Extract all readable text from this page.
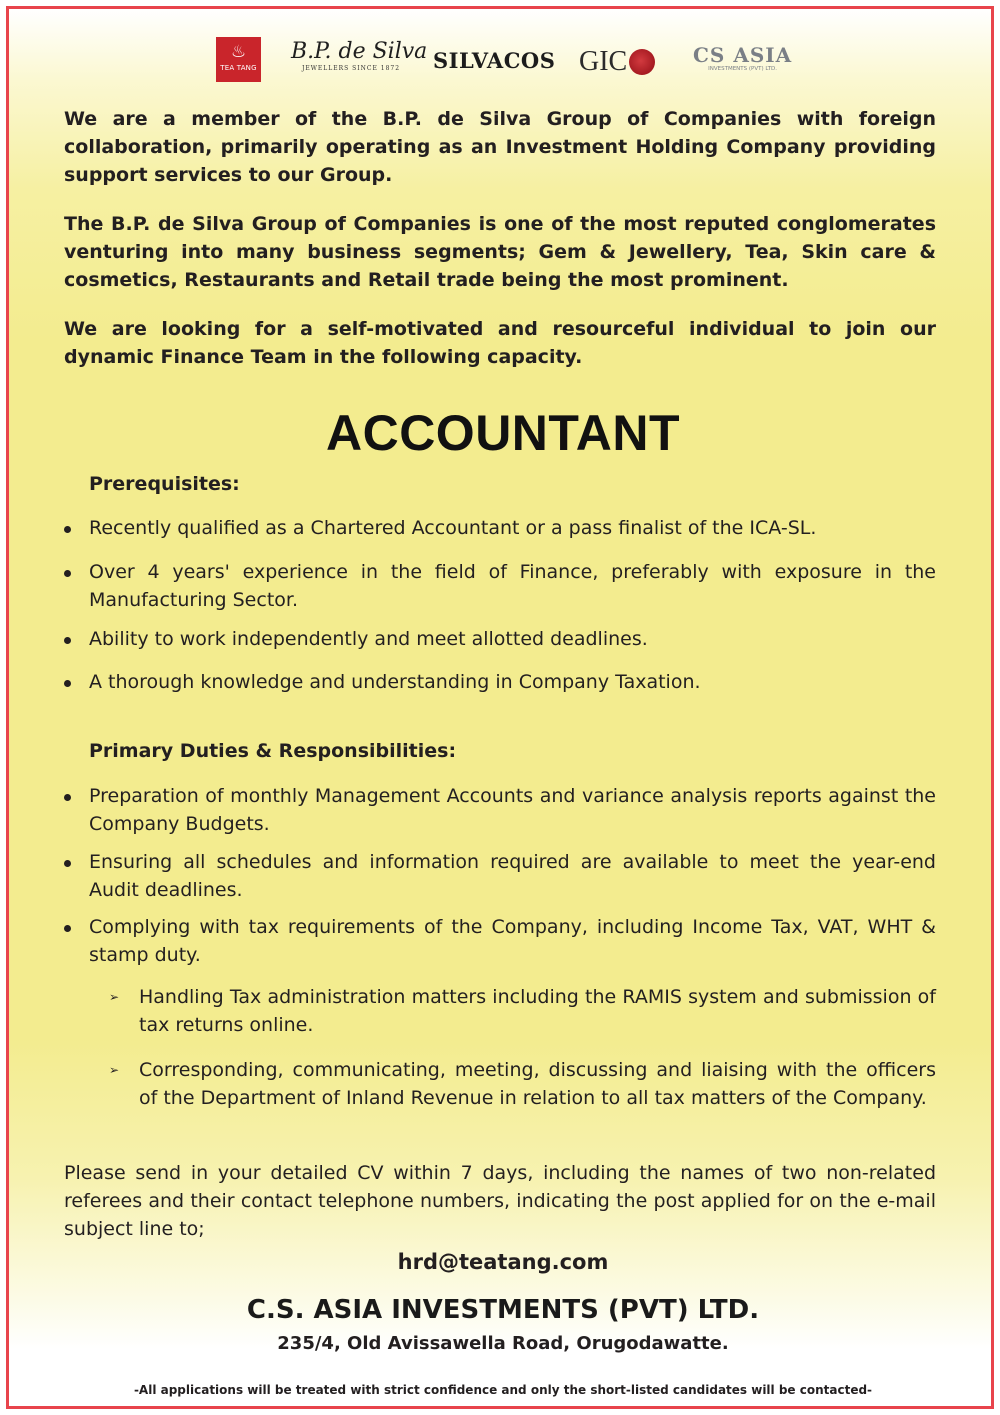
♨
TEA TANG
B.P. de Silva
JEWELLERS SINCE 1872	SILVACOS GIC	CS ASIA
INVESTMENTS (PVT) LTD.

We are a member of the B.P. de Silva Group of Companies with foreign collaboration, primarily operating as an Investment Holding Company providing support services to our Group.

The B.P. de Silva Group of Companies is one of the most reputed conglomerates venturing into many business segments; Gem & Jewellery, Tea, Skin care & cosmetics, Restaurants and Retail trade being the most prominent.

We are looking for a self-motivated and resourceful individual to join our dynamic Finance Team in the following capacity.

ACCOUNTANT
Prerequisites:
Recently qualified as a Chartered Accountant or a pass finalist of the ICA-SL.
Over 4 years' experience in the field of Finance, preferably with exposure in the Manufacturing Sector.
Ability to work independently and meet allotted deadlines.
A thorough knowledge and understanding in Company Taxation.
Primary Duties & Responsibilities:
Preparation of monthly Management Accounts and variance analysis reports against the Company Budgets.
Ensuring all schedules and information required are available to meet the year-end Audit deadlines.
Complying with tax requirements of the Company, including Income Tax, VAT, WHT & stamp duty.
➢ Handling Tax administration matters including the RAMIS system and submission of tax returns online.
➢ Corresponding, communicating, meeting, discussing and liaising with the officers of the Department of Inland Revenue in relation to all tax matters of the Company.
Please send in your detailed CV within 7 days, including the names of two non-related referees and their contact telephone numbers, indicating the post applied for on the e-mail subject line to;
hrd@teatang.com
C.S. ASIA INVESTMENTS (PVT) LTD.
235/4, Old Avissawella Road, Orugodawatte.
-All applications will be treated with strict confidence and only the short-listed candidates will be contacted-
